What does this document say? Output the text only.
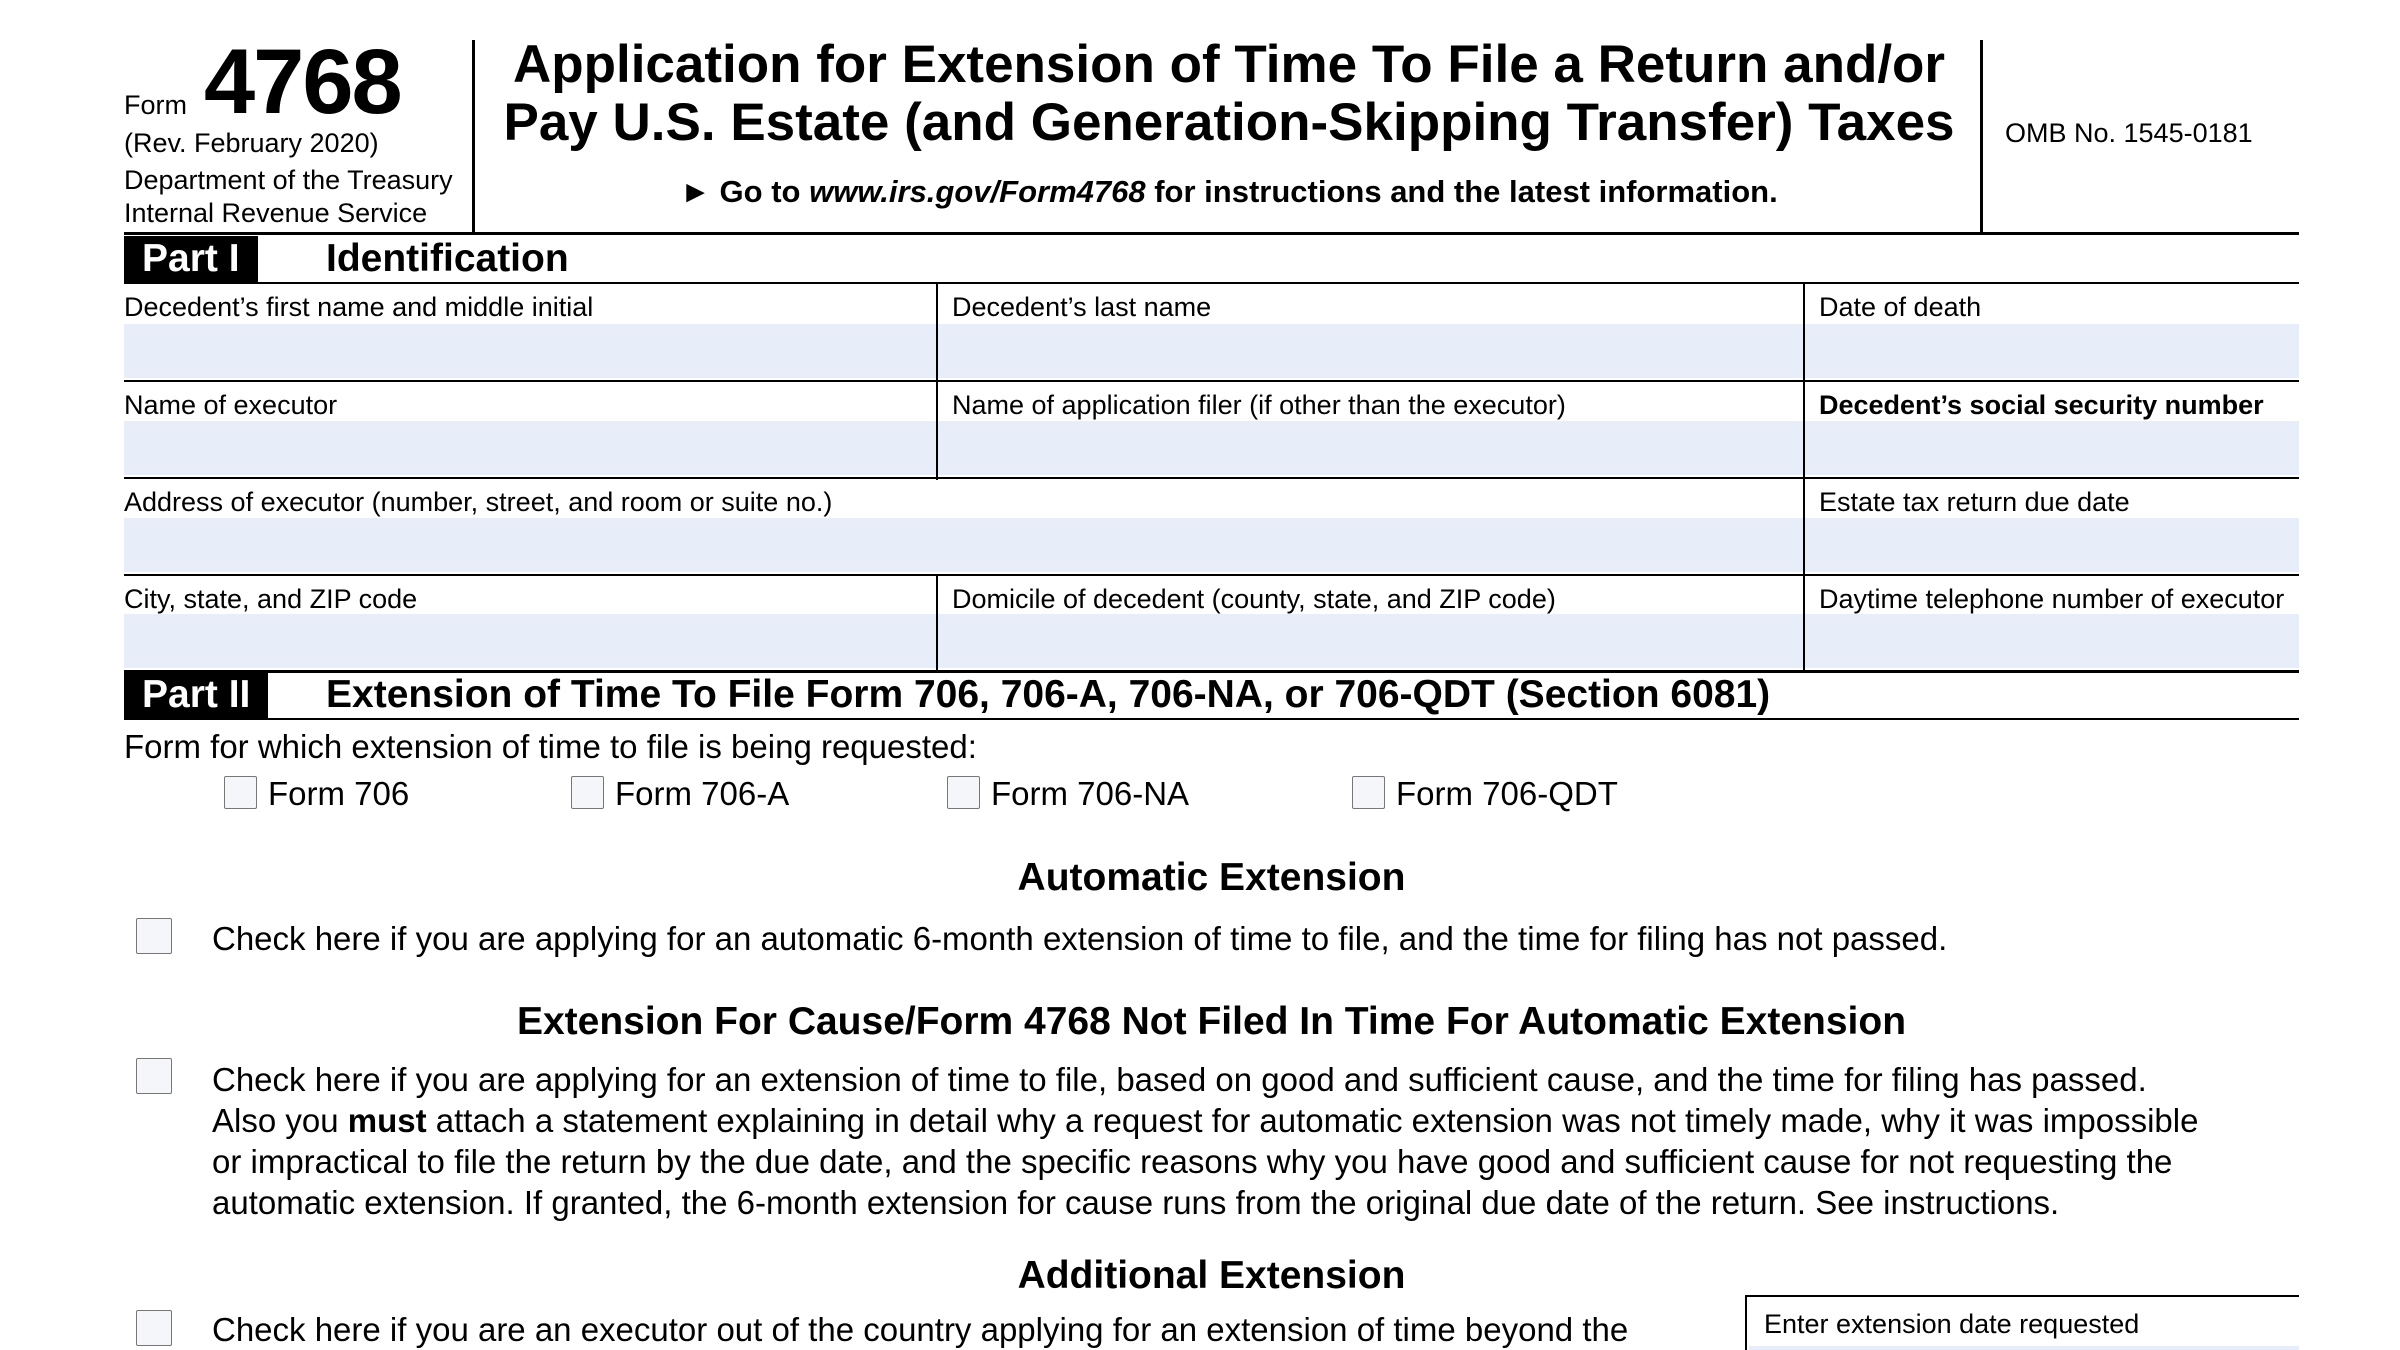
Form 4768
(Rev. February 2020)
Department of the Treasury
Internal Revenue Service
Application for Extension of Time To File a Return and/or
Pay U.S. Estate (and Generation-Skipping Transfer) Taxes
► Go to www.irs.gov/Form4768 for instructions and the latest information.
OMB No. 1545-0181
Part I	Identification
Decedent’s first name and middle initial	Decedent’s last name	Date of death
Name of executor	Name of application filer (if other than the executor)	Decedent’s social security number
Address of executor (number, street, and room or suite no.)	Estate tax return due date
City, state, and ZIP code	Domicile of decedent (county, state, and ZIP code)	Daytime telephone number of executor
Part II	Extension of Time To File Form 706, 706-A, 706-NA, or 706-QDT (Section 6081)
Form for which extension of time to file is being requested:
Form 706	Form 706-A	Form 706-NA	Form 706-QDT
Automatic Extension
Check here if you are applying for an automatic 6-month extension of time to file, and the time for filing has not passed.
Extension For Cause/Form 4768 Not Filed In Time For Automatic Extension
Check here if you are applying for an extension of time to file, based on good and sufficient cause, and the time for filing has passed.
Also you must attach a statement explaining in detail why a request for automatic extension was not timely made, why it was impossible
or impractical to file the return by the due date, and the specific reasons why you have good and sufficient cause for not requesting the
automatic extension. If granted, the 6-month extension for cause runs from the original due date of the return. See instructions.
Additional Extension
Check here if you are an executor out of the country applying for an extension of time beyond the	Enter extension date requested
